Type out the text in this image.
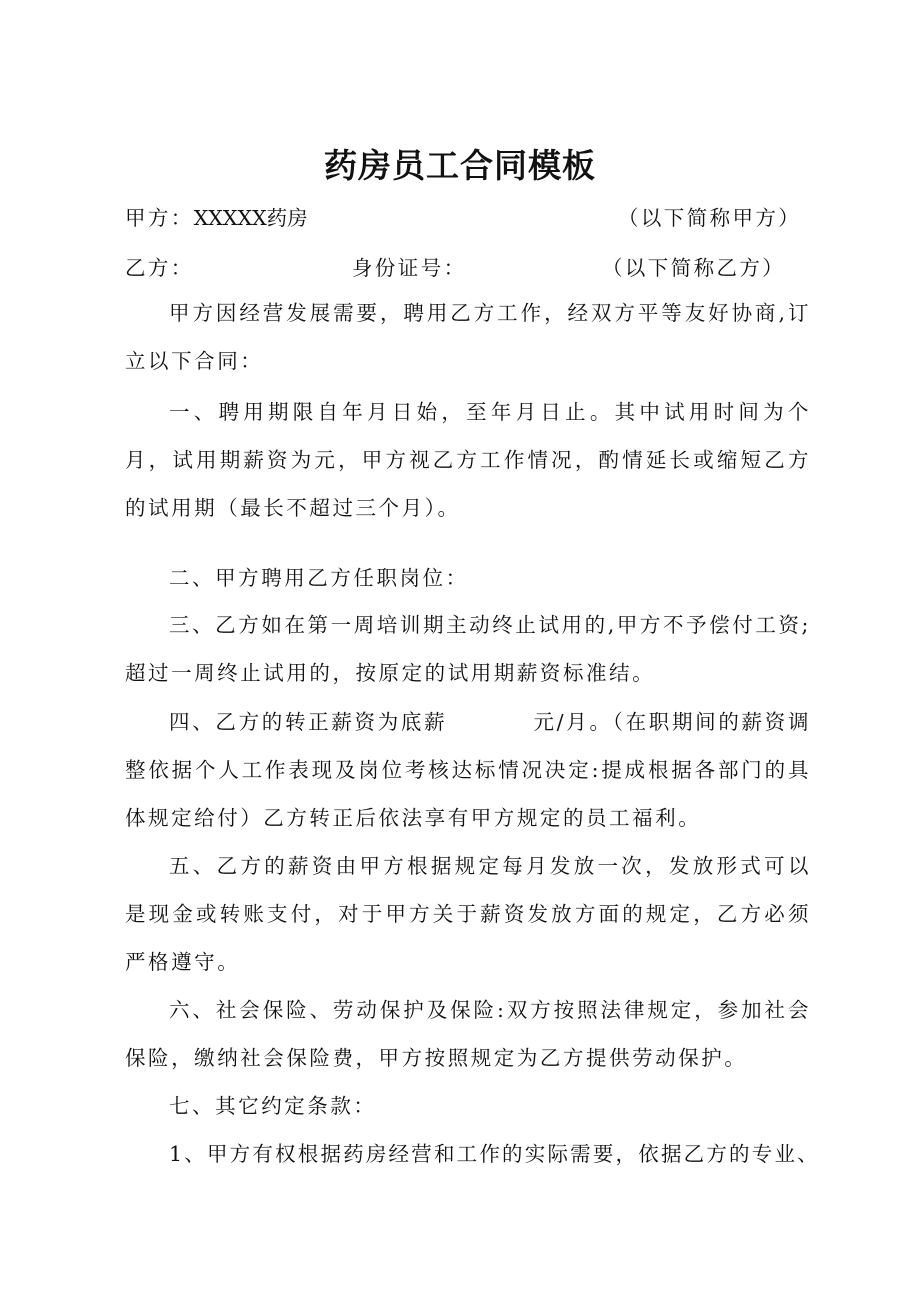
药房员工合同模板
甲方：XXXXX药房	（以下简称甲方）
乙方：	身份证号：	（以下简称乙方）

甲方因经营发展需要，聘用乙方工作，经双方平等友好协商,订立以下合同：

一、聘用期限自年月日始，至年月日止。其中试用时间为个月，试用期薪资为元，甲方视乙方工作情况，酌情延长或缩短乙方的试用期（最长不超过三个月）。

二、甲方聘用乙方任职岗位：

三、乙方如在第一周培训期主动终止试用的,甲方不予偿付工资;超过一周终止试用的，按原定的试用期薪资标准结。

四、乙方的转正薪资为底薪	元/月。（在职期间的薪资调整依据个人工作表现及岗位考核达标情况决定:提成根据各部门的具体规定给付）乙方转正后依法享有甲方规定的员工福利。

五、乙方的薪资由甲方根据规定每月发放一次，发放形式可以是现金或转账支付，对于甲方关于薪资发放方面的规定，乙方必须严格遵守。

六、社会保险、劳动保护及保险:双方按照法律规定，参加社会保险，缴纳社会保险费，甲方按照规定为乙方提供劳动保护。

七、其它约定条款：

1、甲方有权根据药房经营和工作的实际需要，依据乙方的专业、
